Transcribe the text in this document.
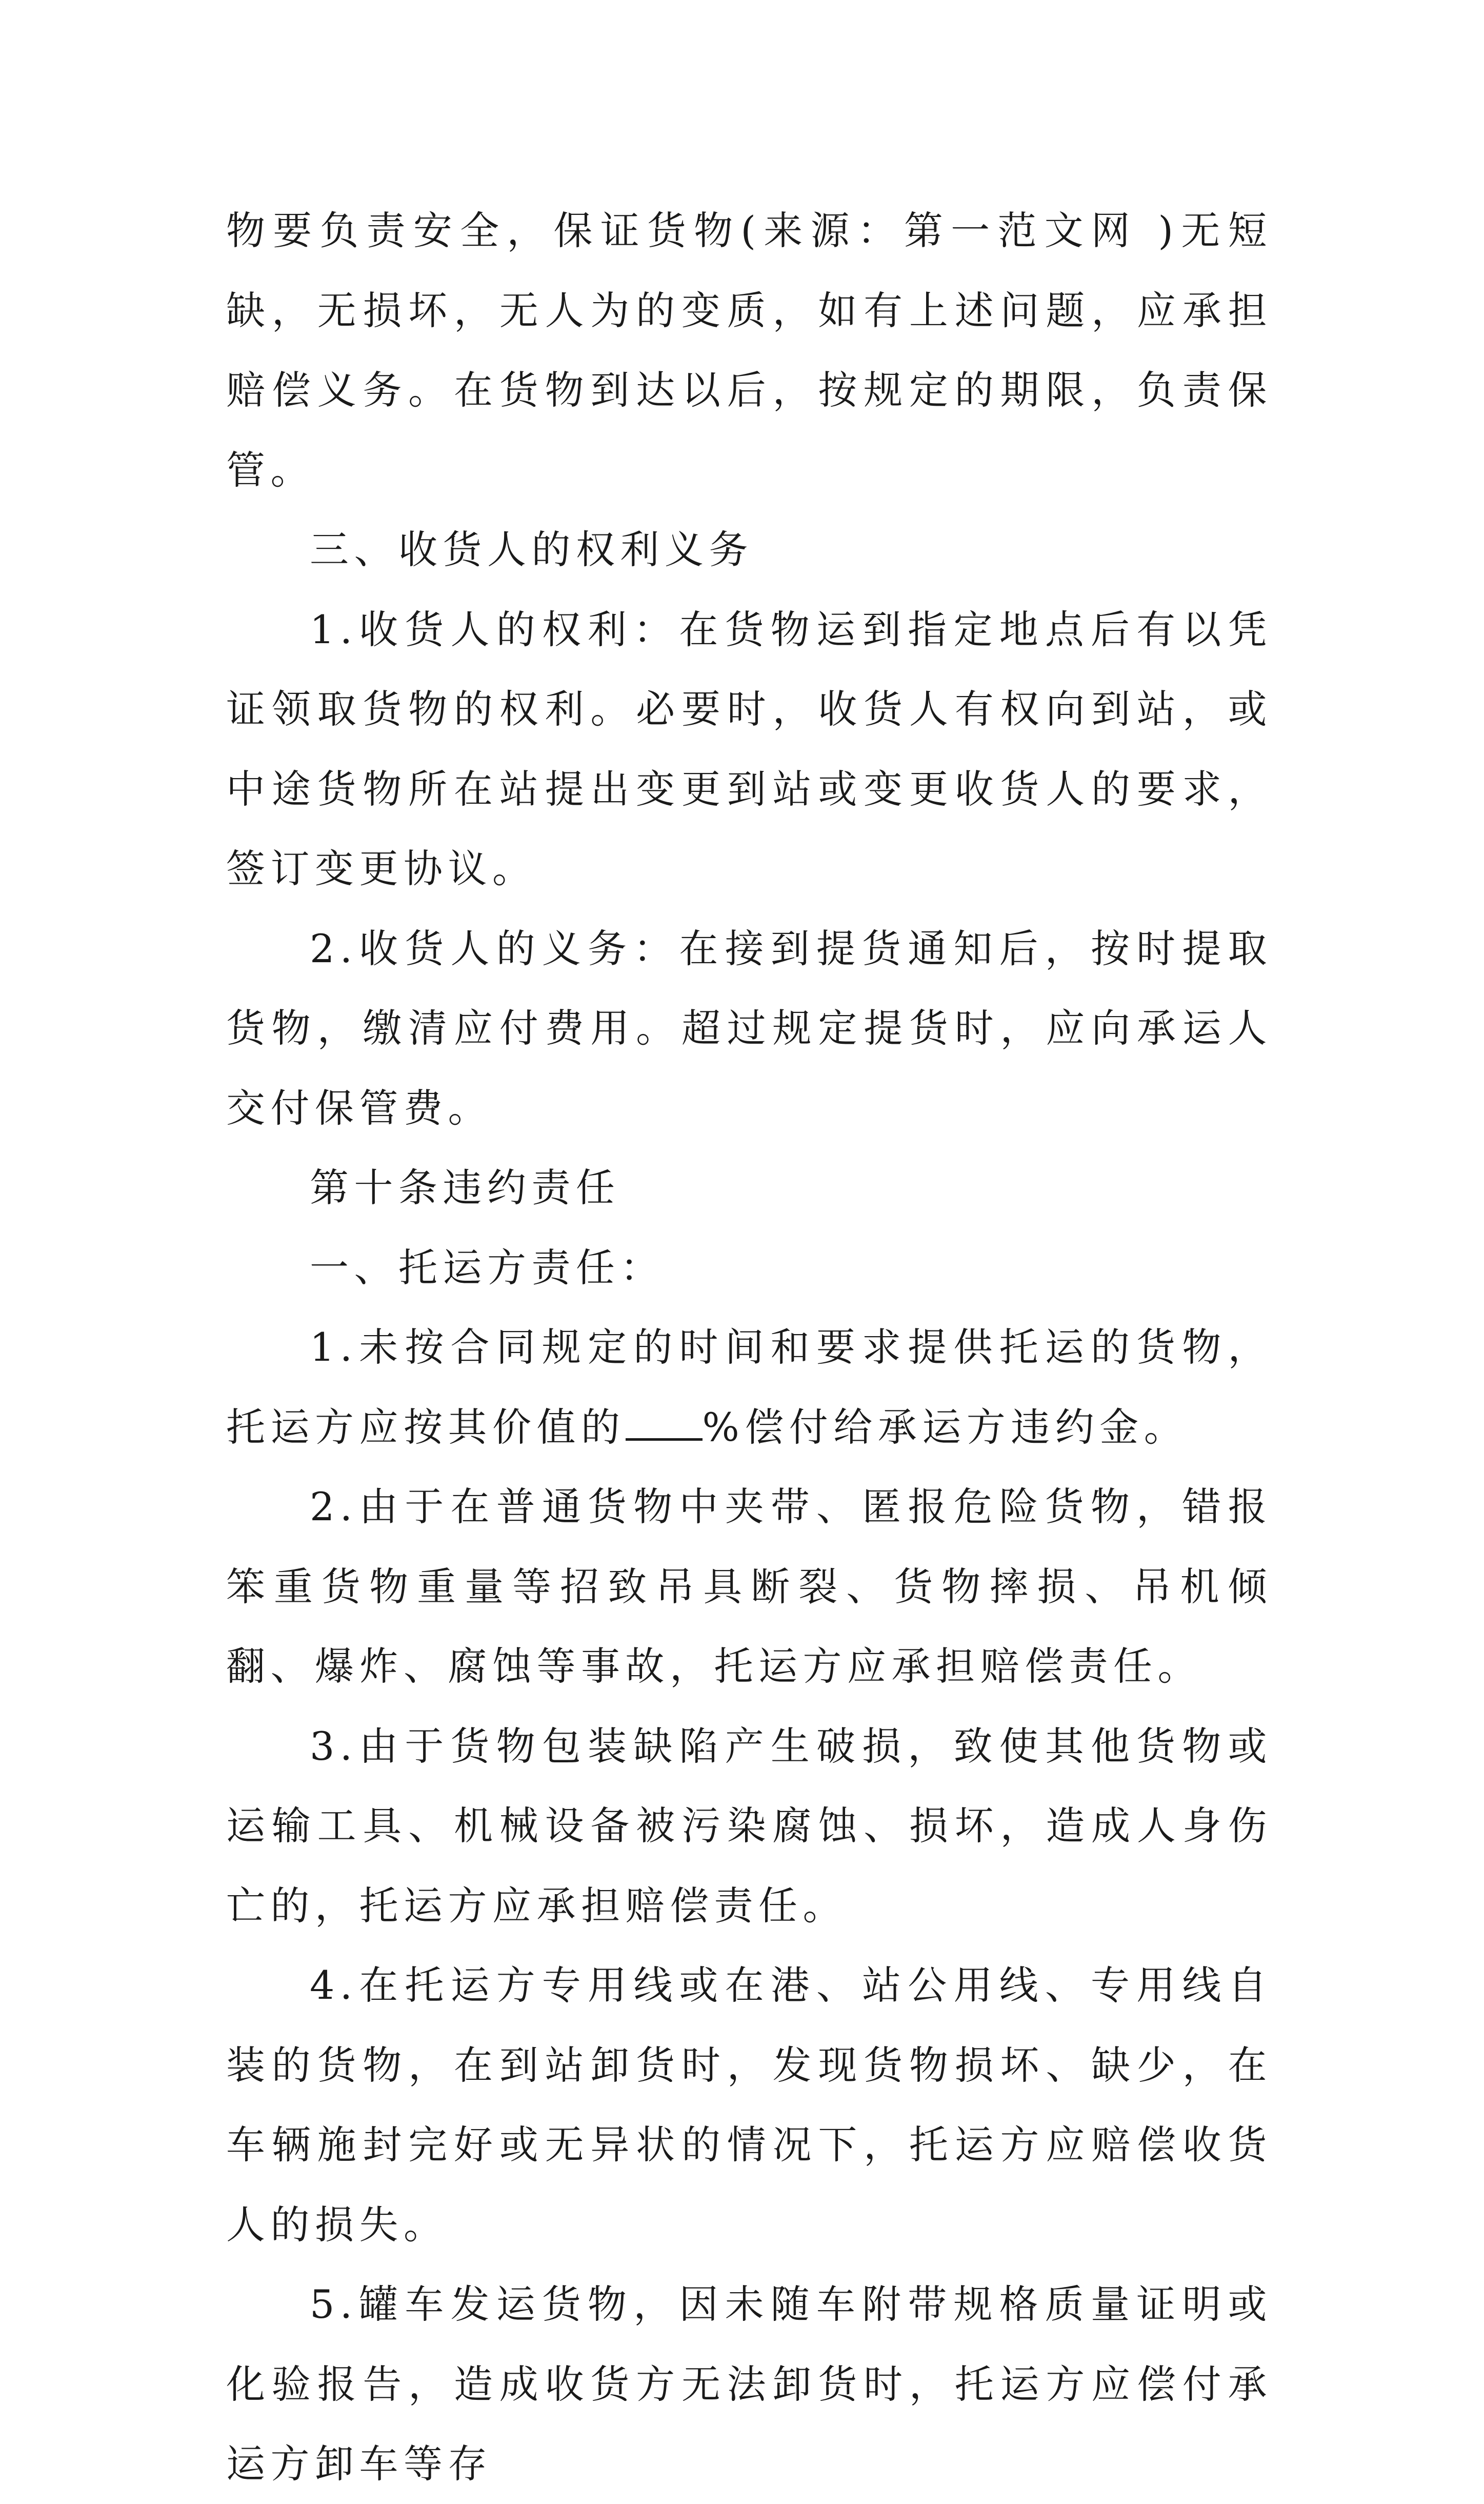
物要负责安全，保证货物(来源：第一范文网 )无短缺，无损坏，无人为的变质，如有上述问题，应承担赔偿义务。在货物到达以后，按规定的期限，负责保管。

三、收货人的权利义务

1.收货人的权利：在货物运到指定地点后有以凭证领取货物的权利。必要时，收货人有权向到站，或中途货物所在站提出变更到站或变更收货人的要求，签订变更协议。

2.收货人的义务：在接到提货通知后，按时提取货物，缴清应付费用。超过规定提货时，应向承运人交付保管费。

第十条违约责任

一、托运方责任：

1.未按合同规定的时间和要求提供托运的货物，托运方应按其价值的 %偿付给承运方违约金。

2.由于在普通货物中夹带、匿报危险货物，错报笨重货物重量等招致吊具断裂、货物摔损、吊机倾翻、爆炸、腐蚀等事故，托运方应承担赔偿责任。

3.由于货物包装缺陷产生破损，致使其他货物或运输工具、机械设备被污染腐蚀、损坏，造成人身伤亡的，托运方应承担赔偿责任。

4.在托运方专用线或在港、站公用线、专用线自装的货物，在到站卸货时，发现货物损坏、缺少，在车辆施封完好或无异状的情况下，托运方应赔偿收货人的损失。

5.罐车发运货物，因未随车附带规格质量证明或化验报告，造成收货方无法卸货时，托运方应偿付承运方卸车等存
